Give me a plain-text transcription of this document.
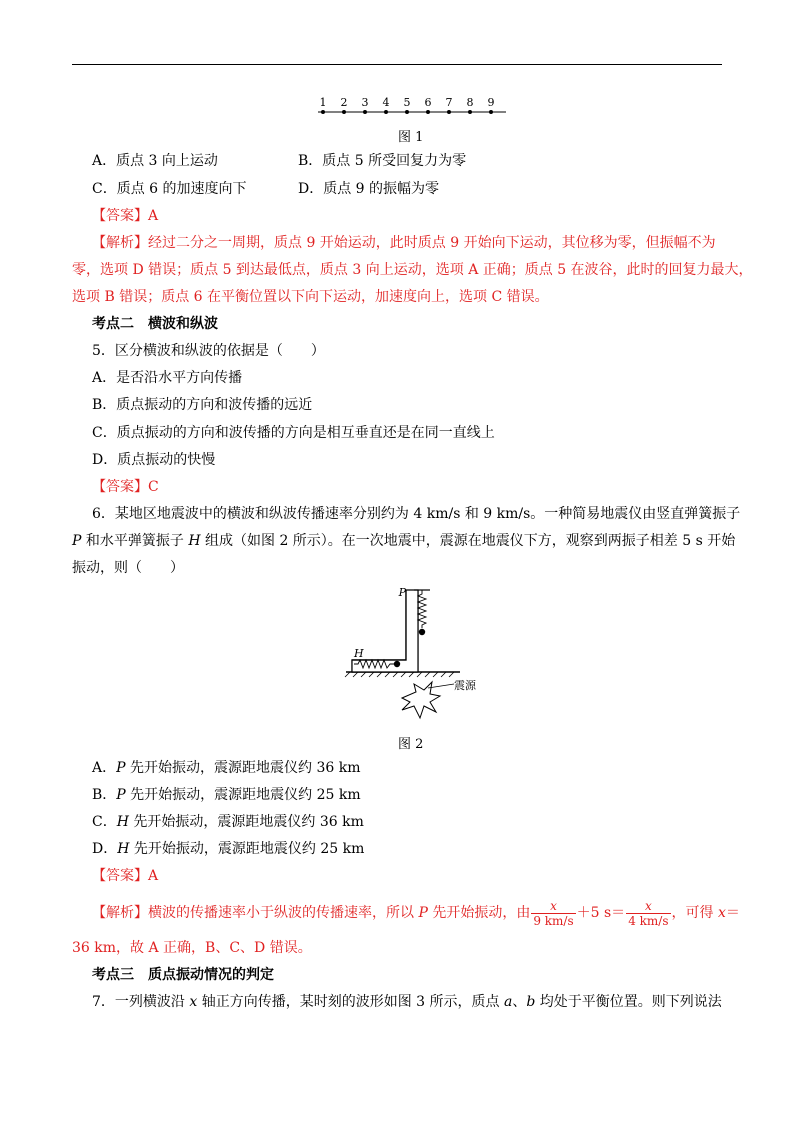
1 2 3 4 5 6 7 8 9
图 1
A．质点 3 向上运动	B．质点 5 所受回复力为零
C．质点 6 的加速度向下	D．质点 9 的振幅为零
【答案】A
【解析】经过二分之一周期，质点 9 开始运动，此时质点 9 开始向下运动，其位移为零，但振幅不为
零，选项 D 错误；质点 5 到达最低点，质点 3 向上运动，选项 A 正确；质点 5 在波谷，此时的回复力最大，
选项 B 错误；质点 6 在平衡位置以下向下运动，加速度向上，选项 C 错误。
考点二　横波和纵波
5．区分横波和纵波的依据是（　　）
A．是否沿水平方向传播
B．质点振动的方向和波传播的远近
C．质点振动的方向和波传播的方向是相互垂直还是在同一直线上
D．质点振动的快慢
【答案】C
6．某地区地震波中的横波和纵波传播速率分别约为 4 km/s 和 9 km/s。一种简易地震仪由竖直弹簧振子
P 和水平弹簧振子 H 组成（如图 2 所示）。在一次地震中，震源在地震仪下方，观察到两振子相差 5 s 开始
振动，则（　　）
P
H
震源
图 2
A．P 先开始振动，震源距地震仪约 36 km
B．P 先开始振动，震源距地震仪约 25 km
C．H 先开始振动，震源距地震仪约 36 km
D．H 先开始振动，震源距地震仪约 25 km
【答案】A
【解析】横波的传播速率小于纵波的传播速率，所以 P 先开始振动，由 $\frac{x}{9 km/s} +5$ $s= \frac{x}{4 km/s}$ ，可得 x＝
36 km，故 A 正确，B、C、D 错误。
考点三　质点振动情况的判定
7．一列横波沿 x 轴正方向传播，某时刻的波形如图 3 所示，质点 a、b 均处于平衡位置。则下列说法
